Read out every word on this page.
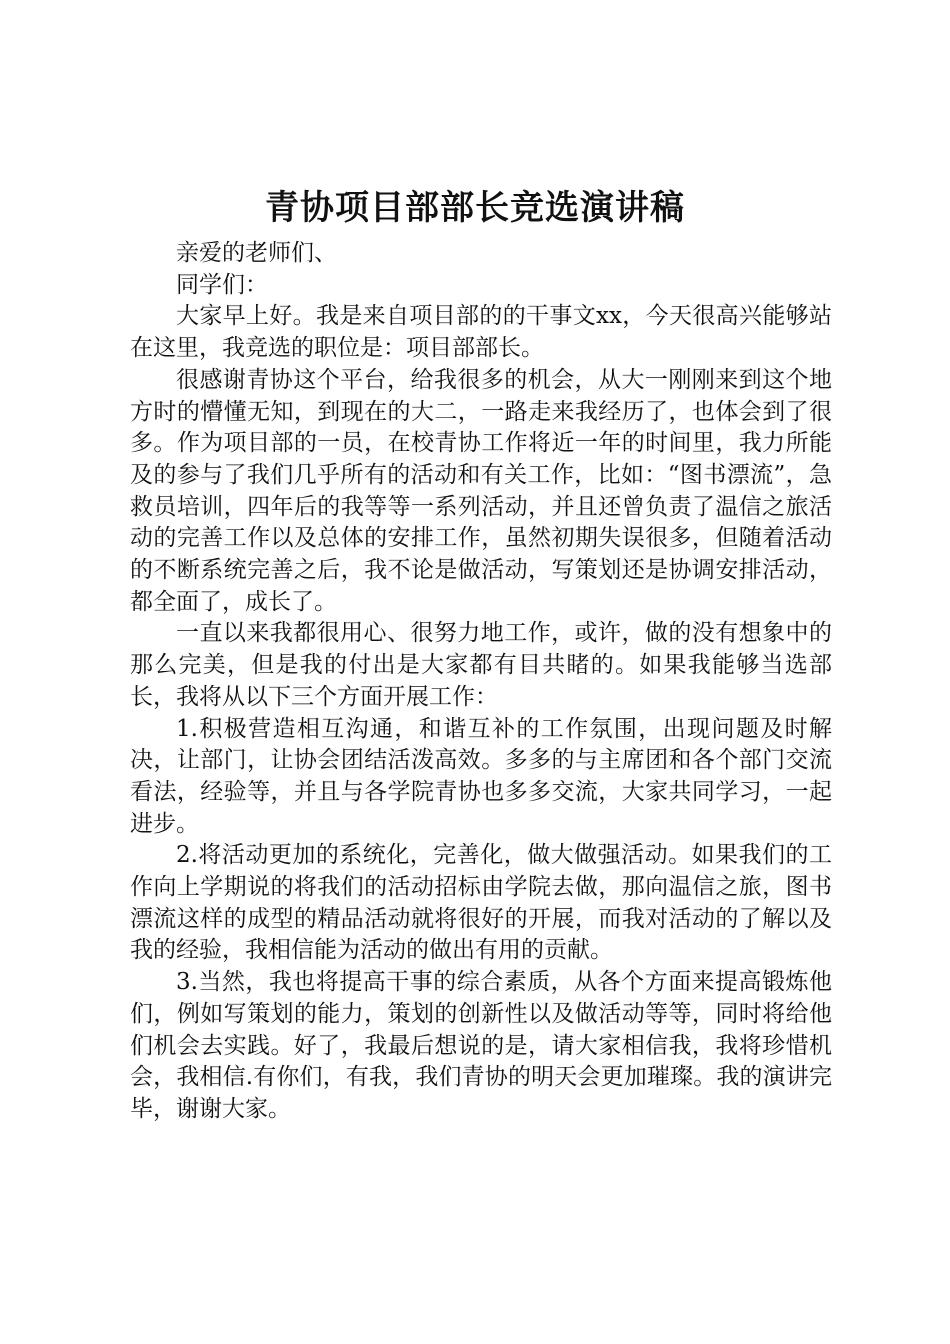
青协项目部部长竞选演讲稿

亲爱的老师们、

同学们：

大家早上好。我是来自项目部的的干事文xx，今天很高兴能够站在这里，我竞选的职位是：项目部部长。

很感谢青协这个平台，给我很多的机会，从大一刚刚来到这个地方时的懵懂无知，到现在的大二，一路走来我经历了，也体会到了很多。作为项目部的一员，在校青协工作将近一年的时间里，我力所能及的参与了我们几乎所有的活动和有关工作，比如：“图书漂流”，急救员培训，四年后的我等等一系列活动，并且还曾负责了温信之旅活动的完善工作以及总体的安排工作，虽然初期失误很多，但随着活动的不断系统完善之后，我不论是做活动，写策划还是协调安排活动，都全面了，成长了。

一直以来我都很用心、很努力地工作，或许，做的没有想象中的那么完美，但是我的付出是大家都有目共睹的。如果我能够当选部长，我将从以下三个方面开展工作：

1.积极营造相互沟通，和谐互补的工作氛围，出现问题及时解决，让部门，让协会团结活泼高效。多多的与主席团和各个部门交流看法，经验等，并且与各学院青协也多多交流，大家共同学习，一起进步。

2.将活动更加的系统化，完善化，做大做强活动。如果我们的工作向上学期说的将我们的活动招标由学院去做，那向温信之旅，图书漂流这样的成型的精品活动就将很好的开展，而我对活动的了解以及我的经验，我相信能为活动的做出有用的贡献。

3.当然，我也将提高干事的综合素质，从各个方面来提高锻炼他们，例如写策划的能力，策划的创新性以及做活动等等，同时将给他们机会去实践。好了，我最后想说的是，请大家相信我，我将珍惜机会，我相信.有你们，有我，我们青协的明天会更加璀璨。我的演讲完毕，谢谢大家。
